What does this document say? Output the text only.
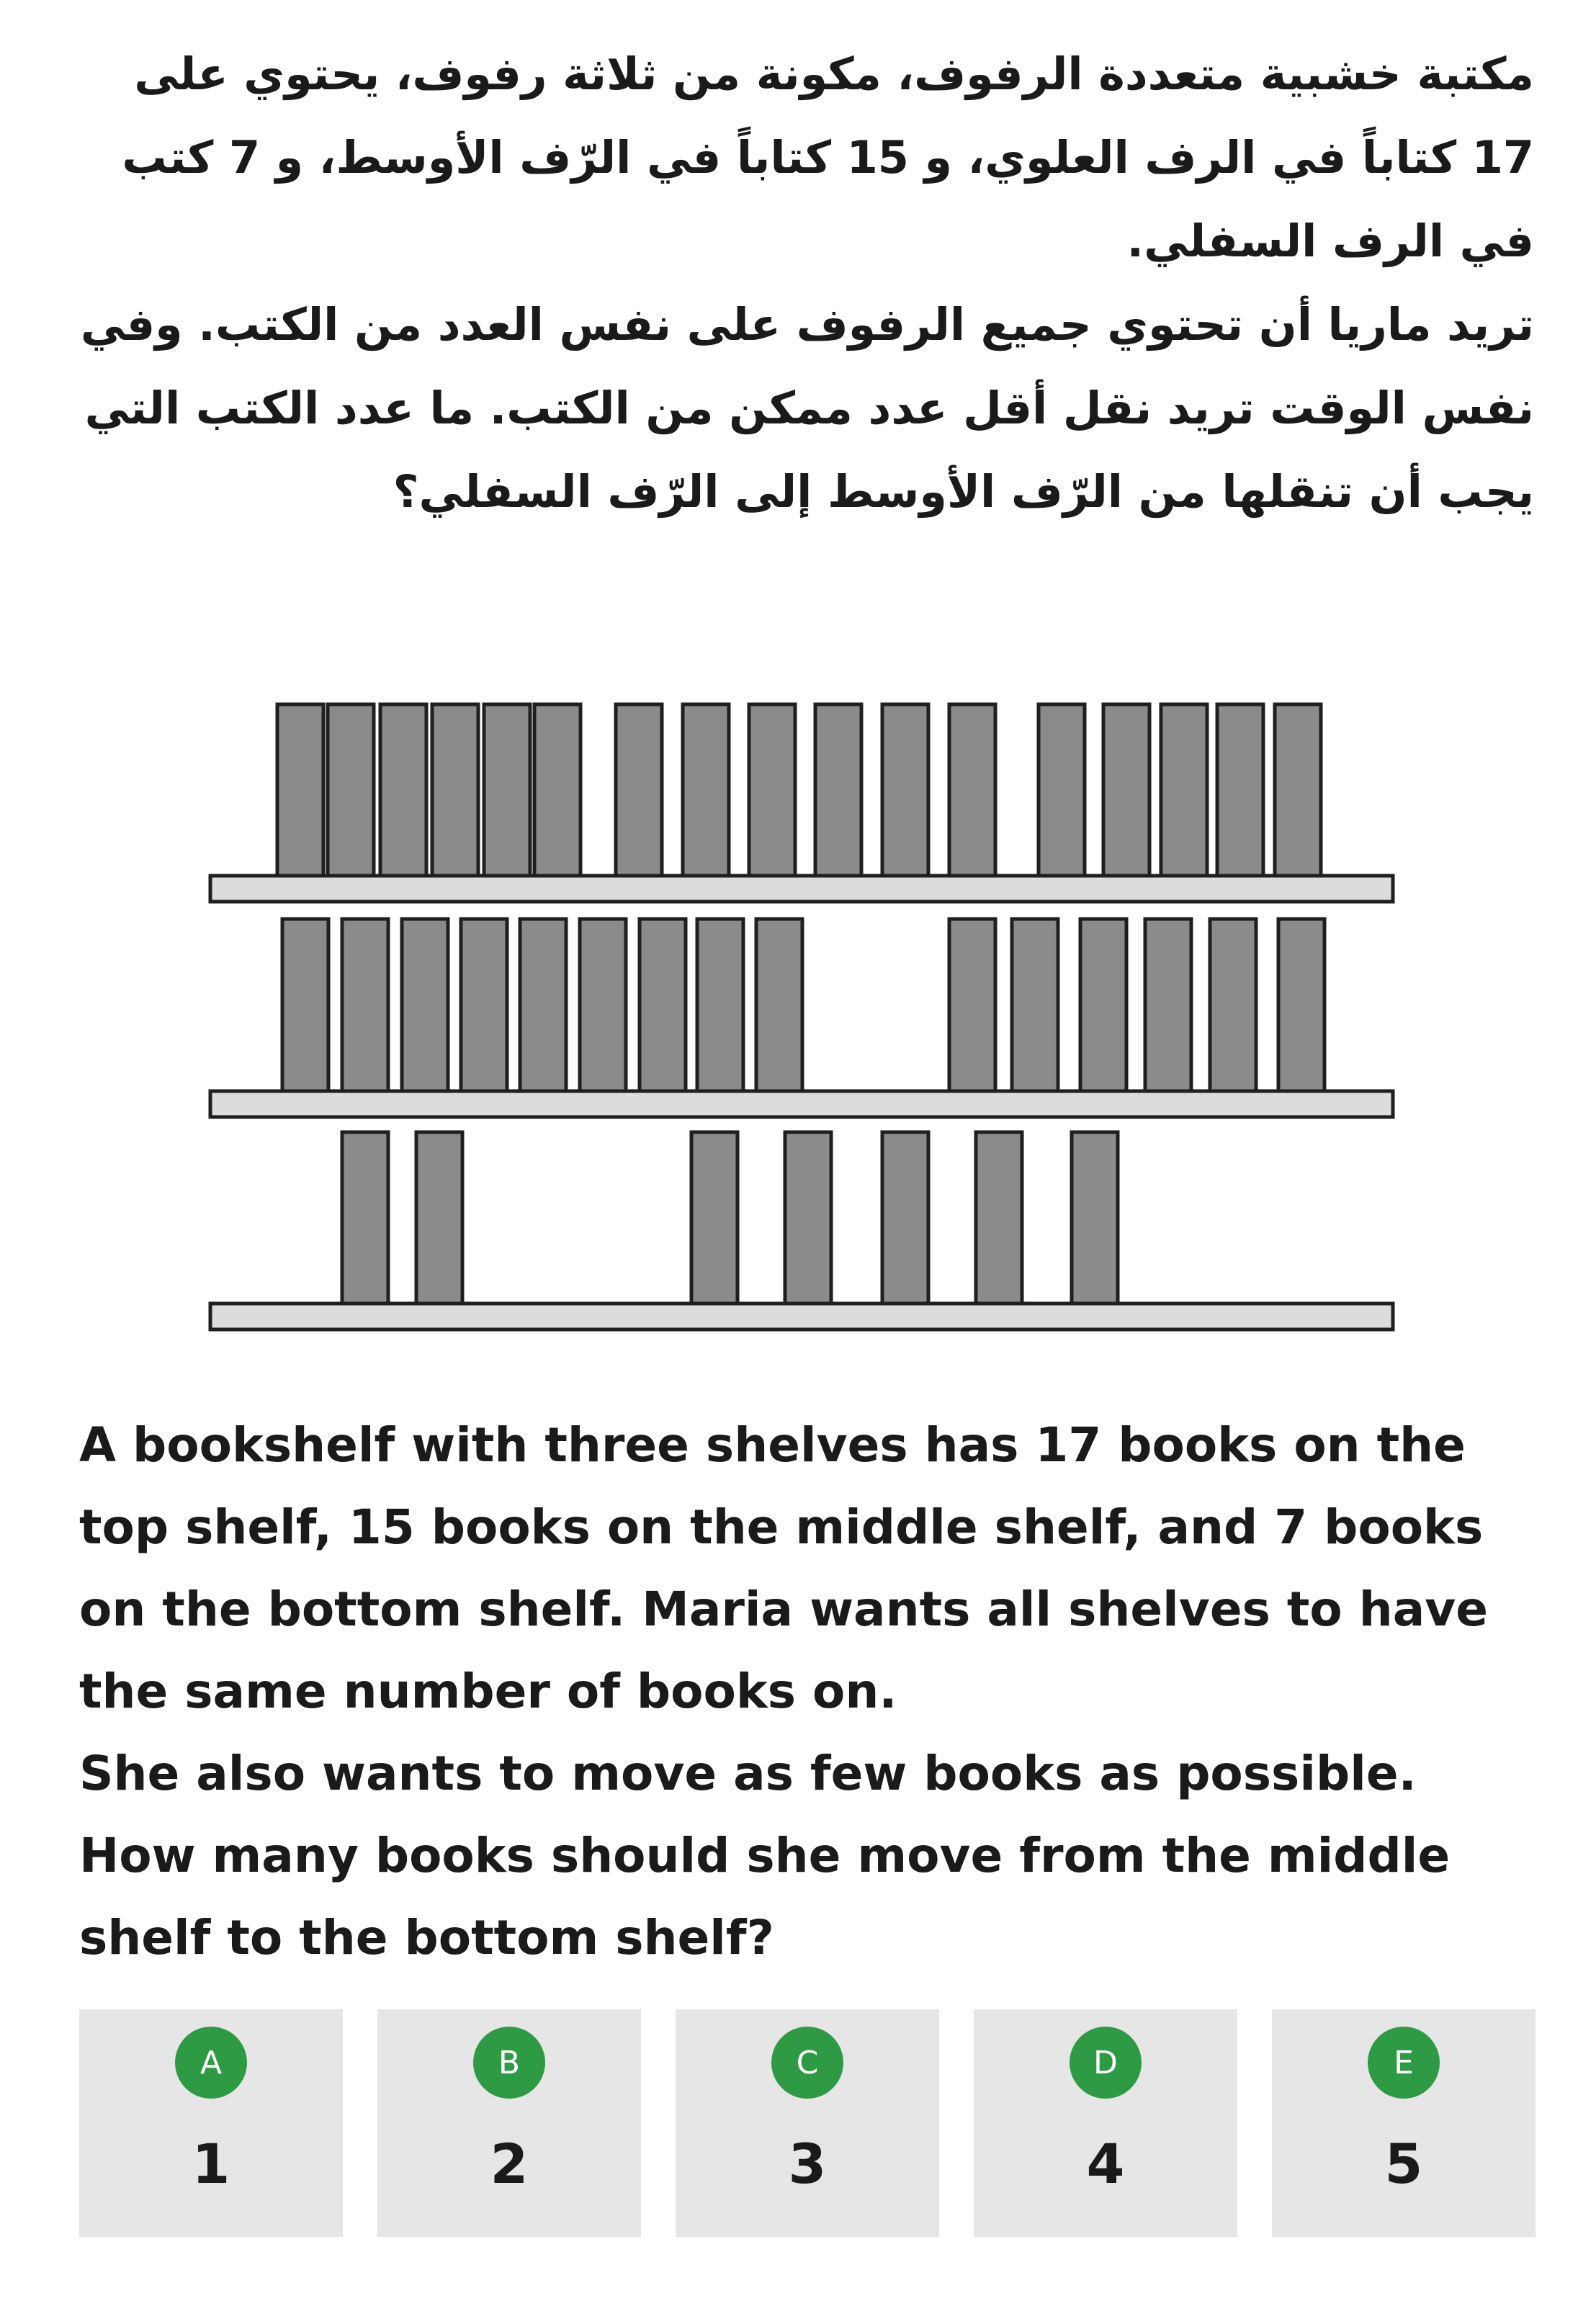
مكتبة خشبية متعددة الرفوف، مكونة من ثلاثة رفوف، يحتوي على 17 كتاباً في الرف العلوي، و 15 كتاباً في الرّف الأوسط، و 7 كتب في الرف السفلي.

تريد ماريا أن تحتوي جميع الرفوف على نفس العدد من الكتب. وفي نفس الوقت تريد نقل أقل عدد ممكن من الكتب. ما عدد الكتب التي يجب أن تنقلها من الرّف الأوسط إلى الرّف السفلي؟

A bookshelf with three shelves has 17 books on the top shelf, 15 books on the middle shelf, and 7 books on the bottom shelf. Maria wants all shelves to have the same number of books on.

She also wants to move as few books as possible. How many books should she move from the middle shelf to the bottom shelf?

A
1
B
2
C
3
D
4
E
5
